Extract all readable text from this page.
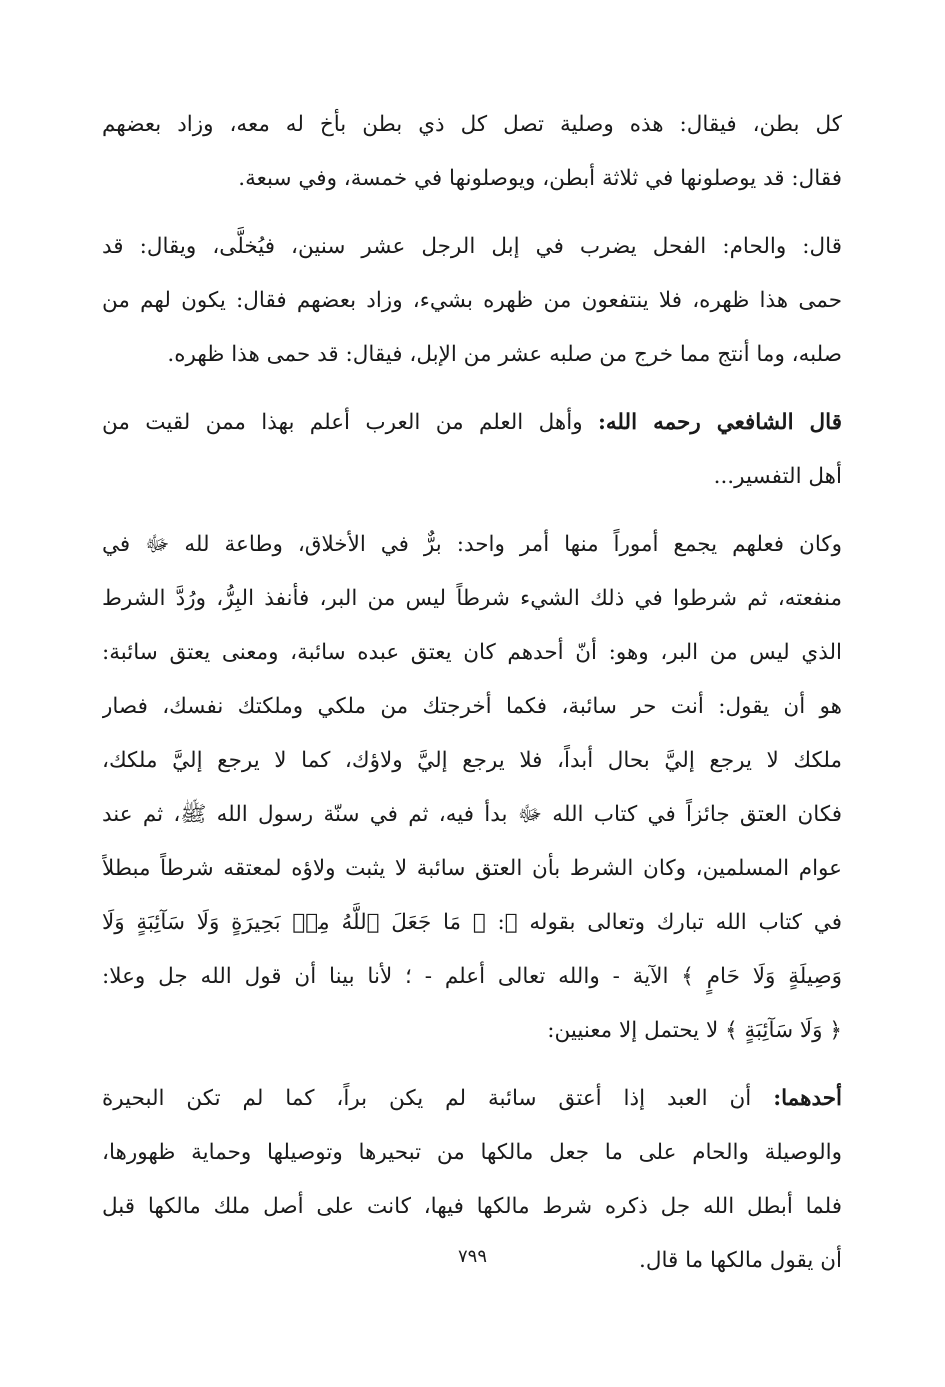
كل بطن، فيقال: هذه وصلية تصل كل ذي بطن بأخ له معه، وزاد بعضهم
فقال: قد يوصلونها في ثلاثة أبطن، ويوصلونها في خمسة، وفي سبعة.
قال: والحام: الفحل يضرب في إبل الرجل عشر سنين، فيُخلَّى، ويقال: قد
حمى هذا ظهره، فلا ينتفعون من ظهره بشيء، وزاد بعضهم فقال: يكون لهم من
صلبه، وما أنتج مما خرج من صلبه عشر من الإبل، فيقال: قد حمى هذا ظهره.
قال الشافعي رحمه الله: وأهل العلم من العرب أعلم بهذا ممن لقيت من
أهل التفسير...
وكان فعلهم يجمع أموراً منها أمر واحد: برٌّ في الأخلاق، وطاعة لله ﷻ في
منفعته، ثم شرطوا في ذلك الشيء شرطاً ليس من البر، فأنفذ البِرُّ، ورُدَّ الشرط
الذي ليس من البر، وهو: أنّ أحدهم كان يعتق عبده سائبة، ومعنى يعتق سائبة:
هو أن يقول: أنت حر سائبة، فكما أخرجتك من ملكي وملكتك نفسك، فصار
ملكك لا يرجع إليَّ بحال أبداً، فلا يرجع إليَّ ولاؤك، كما لا يرجع إليَّ ملكك،
فكان العتق جائزاً في كتاب الله ﷻ بدأ فيه، ثم في سنّة رسول الله ﷺ، ثم عند
عوام المسلمين، وكان الشرط بأن العتق سائبة لا يثبت ولاؤه لمعتقه شرطاً مبطلاً
في كتاب الله تبارك وتعالى بقوله ﷻ: ﴿ مَا جَعَلَ ٱللَّهُ مِنۢ بَحِيرَةٍ وَلَا سَآئِبَةٍ وَلَا
وَصِيلَةٍ وَلَا حَامٍ ﴾ الآية - والله تعالى أعلم - ؛ لأنا بينا أن قول الله جل وعلا:
﴿ وَلَا سَآئِبَةٍ ﴾ لا يحتمل إلا معنيين:
أحدهما: أن العبد إذا أعتق سائبة لم يكن براً، كما لم تكن البحيرة
والوصيلة والحام على ما جعل مالكها من تبحيرها وتوصيلها وحماية ظهورها،
فلما أبطل الله جل ذكره شرط مالكها فيها، كانت على أصل ملك مالكها قبل
أن يقول مالكها ما قال.
٧٩٩
